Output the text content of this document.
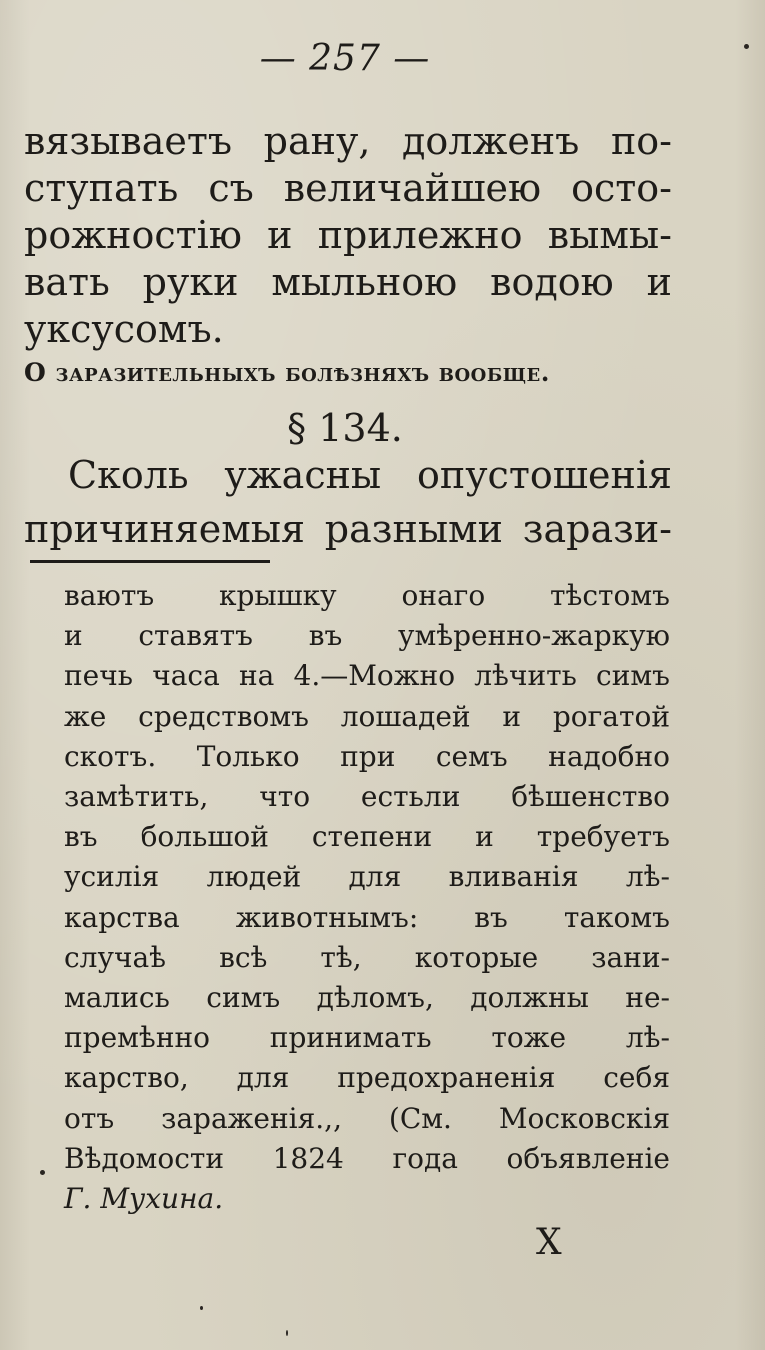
— 257 —
вязываетъ рану, долженъ по-
ступать съ величайшею осто-
рожностію и прилежно вымы-
вать руки мыльною водою и
уксусомъ.
О заразительныхъ болѣзняхъ вообще.
§ 134.
Сколь ужасны опустошенія
причиняемыя разными зарази-
ваютъ крышку онаго тѣстомъ
и ставятъ въ умѣренно-жаркую
печь часа на 4.—Можно лѣчить симъ
же средствомъ лошадей и рогатой
скотъ. Только при семъ надобно
замѣтить, что естьли бѣшенство
въ большой степени и требуетъ
усилія людей для вливанія лѣ-
карства животнымъ: въ такомъ
случаѣ всѣ тѣ, которые зани-
мались симъ дѣломъ, должны не-
премѣнно принимать тоже лѣ-
карство, для предохраненія себя
отъ зараженія.,, (См. Московскія
Вѣдомости 1824 года объявленіе
Г. Мухина.
Х
